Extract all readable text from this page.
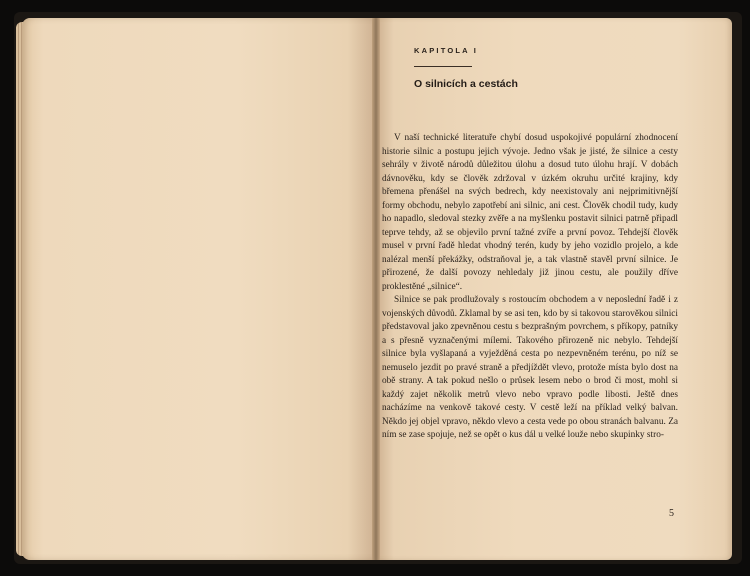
KAPITOLA I

O silnicích a cestách

V naší technické literatuře chybí dosud uspokojivé populární zhodnocení historie silnic a postupu jejich vývoje. Jedno však je jisté, že silnice a cesty sehrály v životě národů důležitou úlohu a dosud tuto úlohu hrají. V dobách dávnověku, kdy se člověk zdržoval v úzkém okruhu určité krajiny, kdy břemena přenášel na svých bedrech, kdy neexistovaly ani nejprimitivnější formy obchodu, nebylo zapotřebí ani silnic, ani cest. Člověk chodil tudy, kudy ho napadlo, sledoval stezky zvěře a na myšlenku postavit silnici patrně připadl teprve tehdy, až se objevilo první tažné zvíře a první povoz. Tehdejší člověk musel v první řadě hledat vhodný terén, kudy by jeho vozidlo projelo, a kde nalézal menší překážky, odstraňoval je, a tak vlastně stavěl první silnice. Je přirozené, že další povozy nehledaly již jinou cestu, ale použily dříve proklestěné „silnice“.

Silnice se pak prodlužovaly s rostoucím obchodem a v neposlední řadě i z vojenských důvodů. Zklamal by se asi ten, kdo by si takovou starověkou silnici představoval jako zpevněnou cestu s bezprašným povrchem, s příkopy, patníky a s přesně vyznačenými mílemi. Takového přirozeně nic nebylo. Tehdejší silnice byla vyšlapaná a vyježděná cesta po nezpevněném terénu, po níž se nemuselo jezdit po pravé straně a předjíždět vlevo, protože místa bylo dost na obě strany. A tak pokud nešlo o průsek lesem nebo o brod či most, mohl si každý zajet několik metrů vlevo nebo vpravo podle libosti. Ještě dnes nacházíme na venkově takové cesty. V cestě leží na příklad velký balvan. Někdo jej objel vpravo, někdo vlevo a cesta vede po obou stranách balvanu. Za ním se zase spojuje, než se opět o kus dál u velké louže nebo skupinky stro-

5
